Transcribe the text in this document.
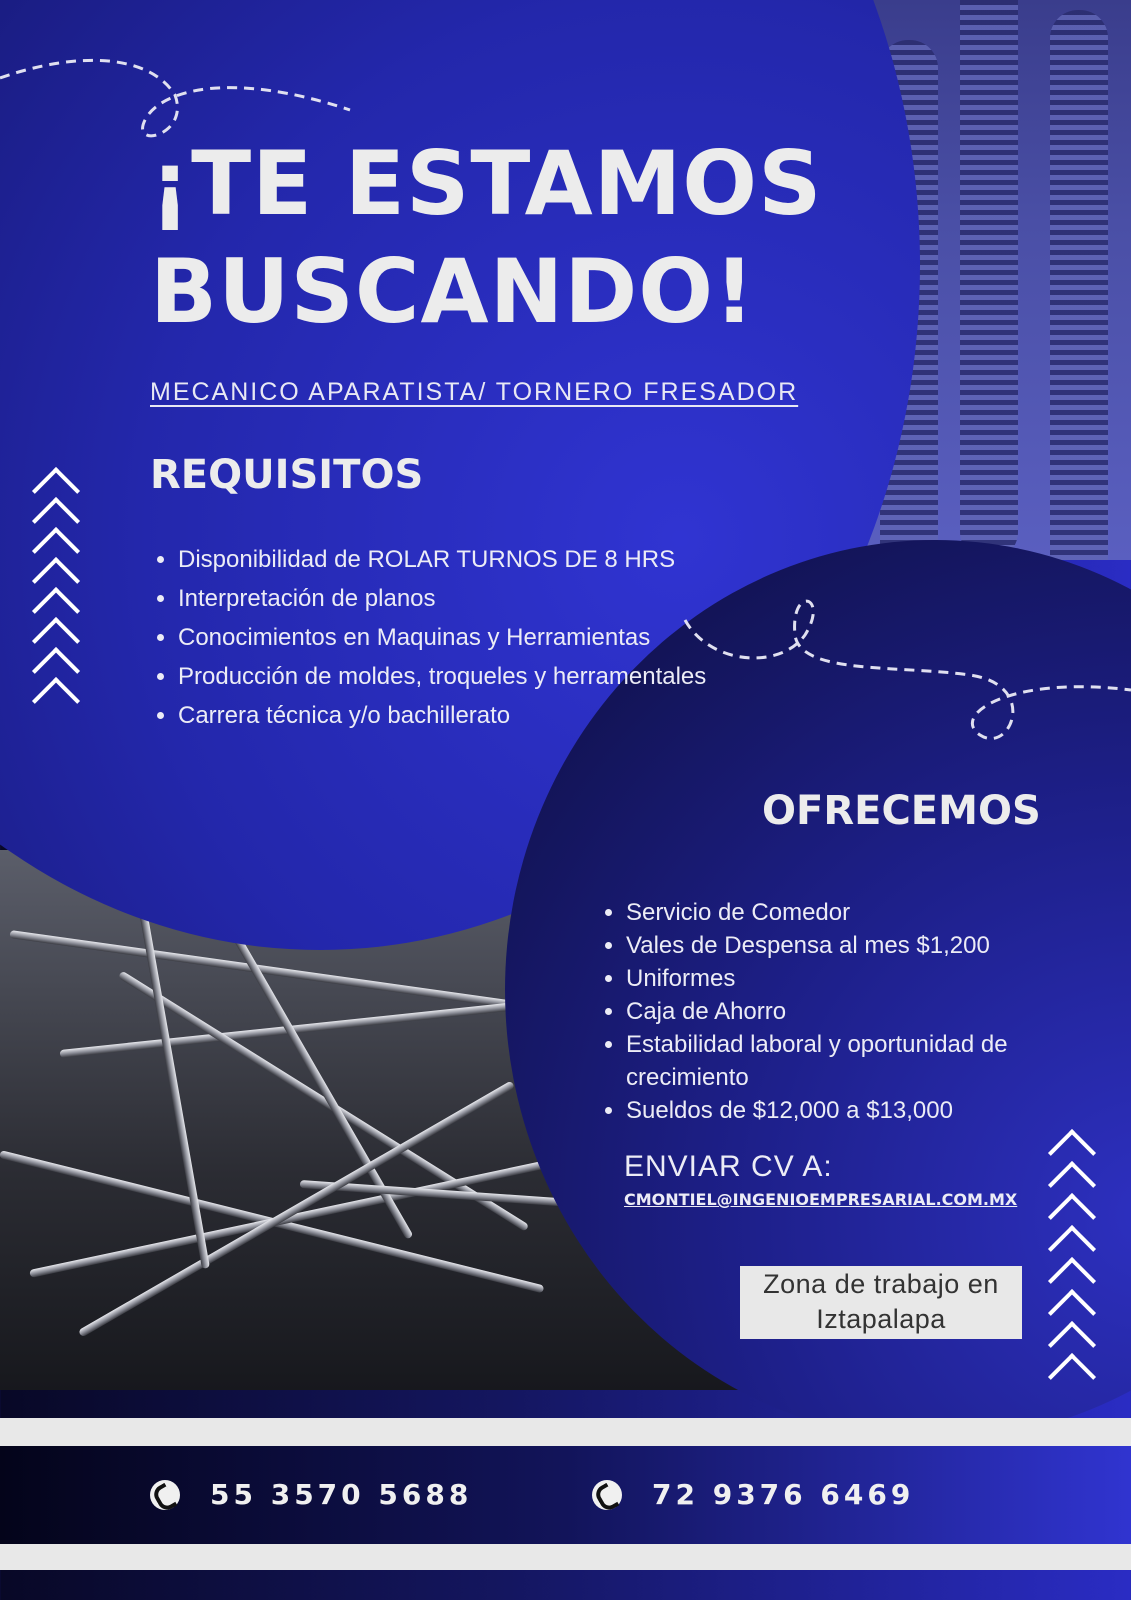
¡TE ESTAMOS
BUSCANDO!
MECANICO APARATISTA/ TORNERO FRESADOR
REQUISITOS
• Disponibilidad de ROLAR TURNOS DE 8 HRS
• Interpretación de planos
• Conocimientos en Maquinas y Herramientas
• Producción de moldes, troqueles y herramentales
• Carrera técnica y/o bachillerato
OFRECEMOS
• Servicio de Comedor
• Vales de Despensa al mes $1,200
• Uniformes
• Caja de Ahorro
• Estabilidad laboral y oportunidad de crecimiento
• Sueldos de $12,000 a $13,000
ENVIAR CV A:
CMONTIEL@INGENIOEMPRESARIAL.COM.MX
Zona de trabajo en Iztapalapa
55 3570 5688	72 9376 6469
